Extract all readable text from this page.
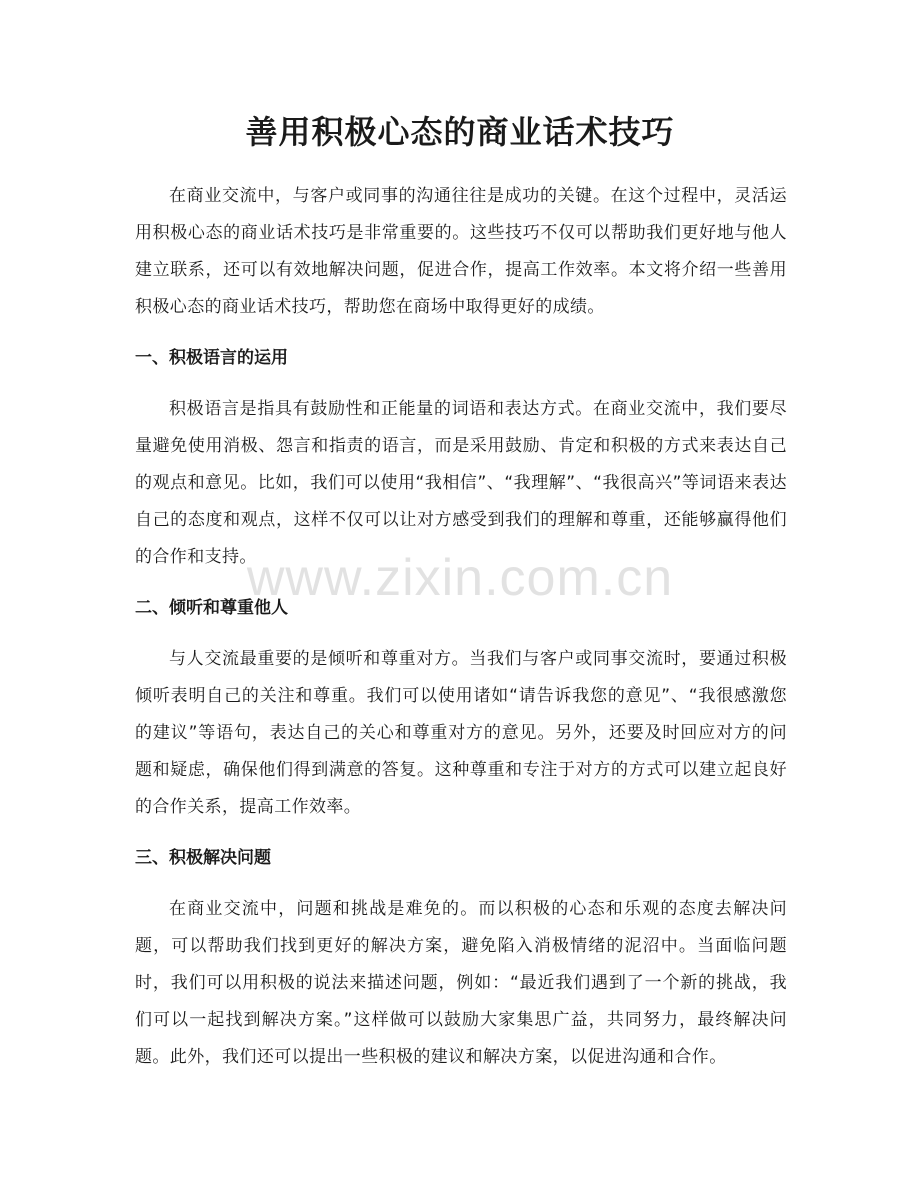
善用积极心态的商业话术技巧

在商业交流中，与客户或同事的沟通往往是成功的关键。在这个过程中，灵活运用积极心态的商业话术技巧是非常重要的。这些技巧不仅可以帮助我们更好地与他人建立联系，还可以有效地解决问题，促进合作，提高工作效率。本文将介绍一些善用积极心态的商业话术技巧，帮助您在商场中取得更好的成绩。

一、积极语言的运用

积极语言是指具有鼓励性和正能量的词语和表达方式。在商业交流中，我们要尽量避免使用消极、怨言和指责的语言，而是采用鼓励、肯定和积极的方式来表达自己的观点和意见。比如，我们可以使用“我相信”、“我理解”、“我很高兴”等词语来表达自己的态度和观点，这样不仅可以让对方感受到我们的理解和尊重，还能够赢得他们的合作和支持。

二、倾听和尊重他人

与人交流最重要的是倾听和尊重对方。当我们与客户或同事交流时，要通过积极倾听表明自己的关注和尊重。我们可以使用诸如“请告诉我您的意见”、“我很感激您的建议”等语句，表达自己的关心和尊重对方的意见。另外，还要及时回应对方的问题和疑虑，确保他们得到满意的答复。这种尊重和专注于对方的方式可以建立起良好的合作关系，提高工作效率。

三、积极解决问题

在商业交流中，问题和挑战是难免的。而以积极的心态和乐观的态度去解决问题，可以帮助我们找到更好的解决方案，避免陷入消极情绪的泥沼中。当面临问题时，我们可以用积极的说法来描述问题，例如：“最近我们遇到了一个新的挑战，我们可以一起找到解决方案。”这样做可以鼓励大家集思广益，共同努力，最终解决问题。此外，我们还可以提出一些积极的建议和解决方案，以促进沟通和合作。

www.zixin.com.cn
